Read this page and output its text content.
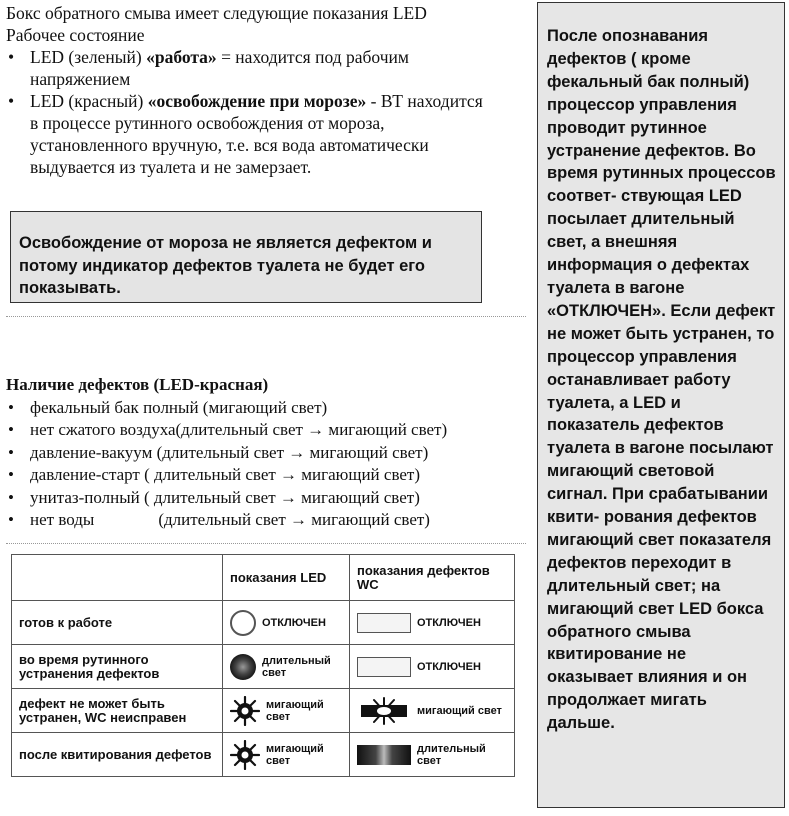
Бокс обратного смыва имеет следующие показания LED
Рабочее состояние
• LED (зеленый) «работа» = находится под рабочим напряжением
• LED (красный) «освобождение при морозе» - ВТ находится в процессе рутинного освобождения от мороза, установленного вручную, т.е. вся вода автоматически выдувается из туалета и не замерзает.
Освобождение от мороза не является дефектом и потому индикатор дефектов туалета не будет его показывать.
Наличие дефектов (LED-красная)
• фекальный бак полный (мигающий свет)
• нет сжатого воздуха(длительный свет → мигающий свет)
• давление-вакуум (длительный свет → мигающий свет)
• давление-старт ( длительный свет → мигающий свет)
• унитаз-полный ( длительный свет → мигающий свет)
• нет воды	(длительный свет → мигающий свет)
	показания LED	показания дефектов WC
готов к работе	ОТКЛЮЧЕН	ОТКЛЮЧЕН

во время рутинного устранения дефектов	длительный свет	ОТКЛЮЧЕН

дефект не может быть устранен, WC неисправен	мигающий свет	мигающий свет

после квитирования дефетов	мигающий свет	длительный свет
После опознавания дефектов ( кроме фекальный бак полный) процессор управления проводит рутинное устранение дефектов. Во время рутинных процессов соответ- ствующая LED посылает длительный свет, а внешняя информация о дефектах туалета в вагоне «ОТКЛЮЧЕН». Если дефект не может быть устранен, то процессор управления останавливает работу туалета, а LED и показатель дефектов туалета в вагоне посылают мигающий световой сигнал. При срабатывании квити- рования дефектов мигающий свет показателя дефектов переходит в длительный свет; на мигающий свет LED бокса обратного смыва квитирование не оказывает влияния и он продолжает мигать дальше.
